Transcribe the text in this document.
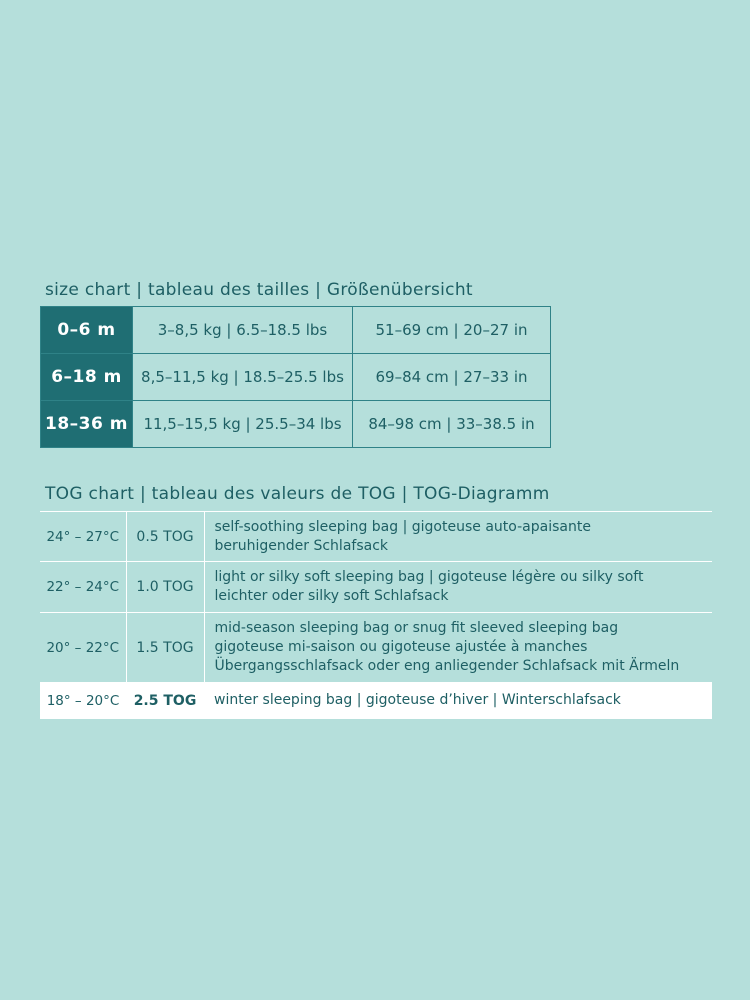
size chart | tableau des tailles | Größenübersicht
0–6 m	3–8,5 kg | 6.5–18.5 lbs	51–69 cm | 20–27 in
6–18 m	8,5–11,5 kg | 18.5–25.5 lbs	69–84 cm | 27–33 in
18–36 m	11,5–15,5 kg | 25.5–34 lbs	84–98 cm | 33–38.5 in
TOG chart | tableau des valeurs de TOG | TOG-Diagramm
24° – 27°C	0.5 TOG	self-soothing sleeping bag | gigoteuse auto-apaisante
beruhigender Schlafsack

22° – 24°C	1.0 TOG	light or silky soft sleeping bag | gigoteuse légère ou silky soft
leichter oder silky soft Schlafsack

20° – 22°C	1.5 TOG	mid-season sleeping bag or snug fit sleeved sleeping bag
gigoteuse mi-saison ou gigoteuse ajustée à manches
Übergangsschlafsack oder eng anliegender Schlafsack mit Ärmeln

18° – 20°C	2.5 TOG	winter sleeping bag | gigoteuse d’hiver | Winterschlafsack
